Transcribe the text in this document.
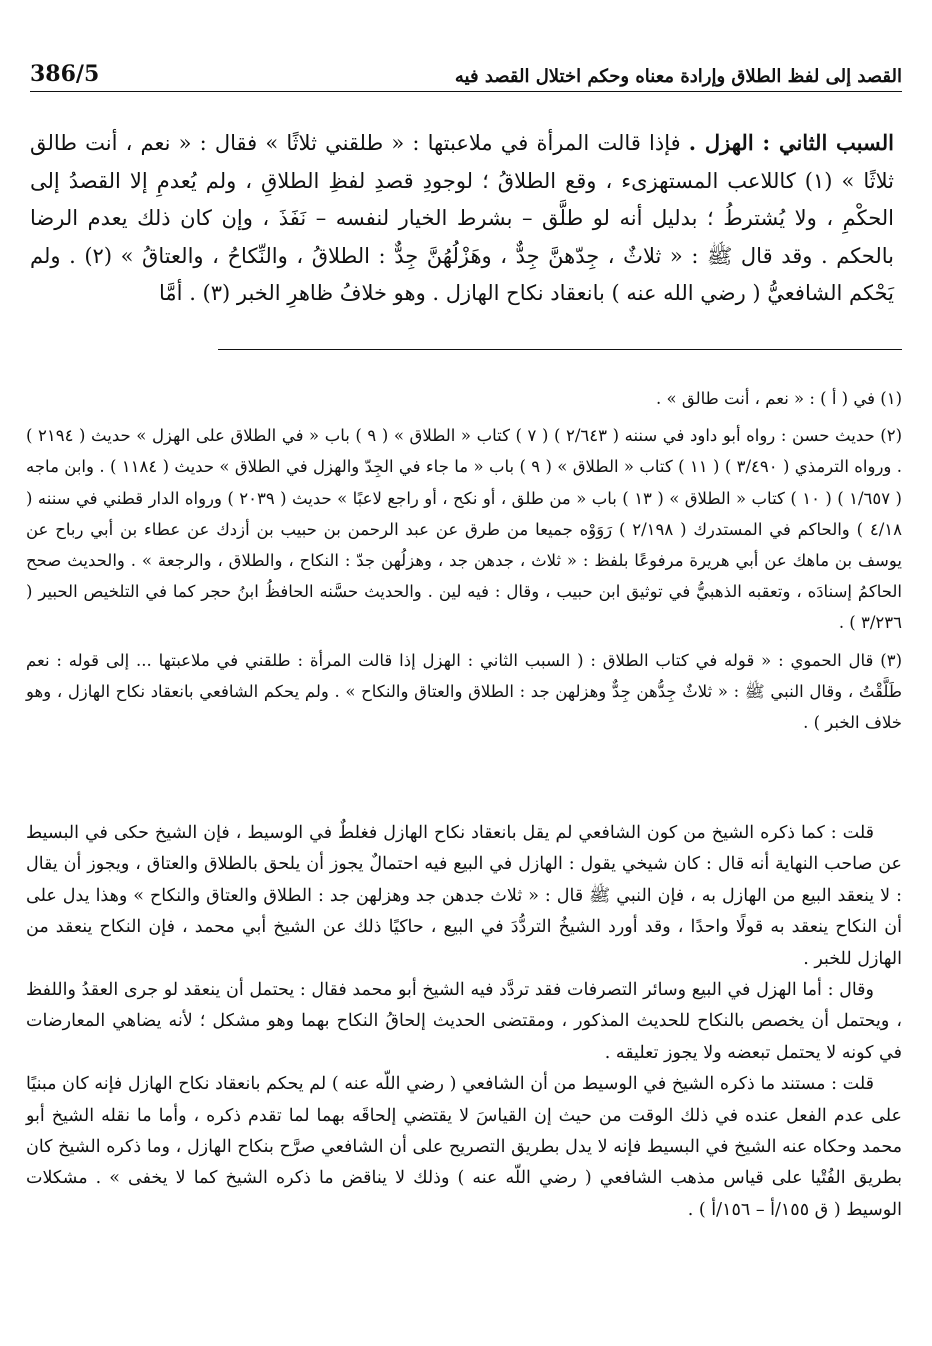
القصد إلى لفظ الطلاق وإرادة معناه وحكم اختلال القصد فيه
386/5

السبب الثاني : الهزل . فإذا قالت المرأة في ملاعبتها : « طلقني ثلاثًا » فقال : « نعم ، أنت طالق ثلاثًا » (١) كاللاعب المستهزىء ، وقع الطلاقُ ؛ لوجودِ قصدِ لفظِ الطلاقِ ، ولم يُعدمِ إلا القصدُ إلى الحكْمِ ، ولا يُشترطُ ؛ بدليل أنه لو طلَّق – بشرط الخيار لنفسه – نَفَذَ ، وإن كان ذلك يعدم الرضا بالحكم . وقد قال ﷺ : « ثلاثٌ ، جِدّهنَّ جِدٌّ ، وهَزْلُهُنَّ جِدٌّ : الطلاقُ ، والنِّكاحُ ، والعتاقُ » (٢) . ولم يَحْكم الشافعيُّ ( رضي الله عنه ) بانعقاد نكاح الهازل . وهو خلافُ ظاهرِ الخبر (٣) . أمَّا

(١) في ( أ ) : « نعم ، أنت طالق » .

(٢) حديث حسن : رواه أبو داود في سننه ( ٢/٦٤٣ ) ( ٧ ) كتاب « الطلاق » ( ٩ ) باب « في الطلاق على الهزل » حديث ( ٢١٩٤ ) . ورواه الترمذي ( ٣/٤٩٠ ) ( ١١ ) كتاب « الطلاق » ( ٩ ) باب « ما جاء في الجِدّ والهزل في الطلاق » حديث ( ١١٨٤ ) . وابن ماجه ( ١/٦٥٧ ) ( ١٠ ) كتاب « الطلاق » ( ١٣ ) باب « من طلق ، أو نكح ، أو راجع لاعبًا » حديث ( ٢٠٣٩ ) ورواه الدار قطني في سننه ( ٤/١٨ ) والحاكم في المستدرك ( ٢/١٩٨ ) رَوَوْه جميعا من طرق عن عبد الرحمن بن حبيب بن أزدك عن عطاء بن أبي رباح عن يوسف بن ماهك عن أبي هريرة مرفوعًا بلفظ : « ثلاث ، جدهن جد ، وهزلُهن جدّ : النكاح ، والطلاق ، والرجعة » . والحديث صحح الحاكمُ إسنادَه ، وتعقبه الذهبيُّ في توثيق ابن حبيب ، وقال : فيه لين . والحديث حسَّنه الحافظُ ابنُ حجر كما في التلخيص الحبير ( ٣/٢٣٦ ) .

(٣) قال الحموي : « قوله في كتاب الطلاق : ( السبب الثاني : الهزل إذا قالت المرأة : طلقني في ملاعبتها ... إلى قوله : نعم طَلَّقْتُ ، وقال النبي ﷺ : « ثلاثٌ جِدُّهن جِدٌّ وهزلهن جد : الطلاق والعتاق والنكاح » . ولم يحكم الشافعي بانعقاد نكاح الهازل ، وهو خلاف الخبر ) .

قلت : كما ذكره الشيخ من كون الشافعي لم يقل بانعقاد نكاح الهازل فغلطٌ في الوسيط ، فإن الشيخ حكى في البسيط عن صاحب النهاية أنه قال : كان شيخي يقول : الهازل في البيع فيه احتمالٌ يجوز أن يلحق بالطلاق والعتاق ، ويجوز أن يقال : لا ينعقد البيع من الهازل به ، فإن النبي ﷺ قال : « ثلاث جدهن جد وهزلهن جد : الطلاق والعتاق والنكاح » وهذا يدل على أن النكاح ينعقد به قولًا واحدًا ، وقد أورد الشيخُ التردُّدَ في البيع ، حاكيًا ذلك عن الشيخ أبي محمد ، فإن النكاح ينعقد من الهازل للخبر .

وقال : أما الهزل في البيع وسائر التصرفات فقد تردَّد فيه الشيخ أبو محمد فقال : يحتمل أن ينعقد لو جرى العقدُ واللفظ ، ويحتمل أن يخصص بالنكاح للحديث المذكور ، ومقتضى الحديث إلحاقُ النكاح بهما وهو مشكل ؛ لأنه يضاهي المعارضات في كونه لا يحتمل تبعضه ولا يجوز تعليقه .

قلت : مستند ما ذكره الشيخ في الوسيط من أن الشافعي ( رضي اللّه عنه ) لم يحكم بانعقاد نكاح الهازل فإنه كان مبنيًا على عدم الفعل عنده في ذلك الوقت من حيث إن القياسَ لا يقتضي إلحاقَه بهما لما تقدم ذكره ، وأما ما نقله الشيخ أبو محمد وحكاه عنه الشيخ في البسيط فإنه لا يدل بطريق التصريح على أن الشافعي صرَّح بنكاح الهازل ، وما ذكره الشيخ كان بطريق الفُتْيا على قياس مذهب الشافعي ( رضي اللّه عنه ) وذلك لا يناقض ما ذكره الشيخ كما لا يخفى » . مشكلات الوسيط ( ق ١٥٥/أ – ١٥٦/أ ) .
